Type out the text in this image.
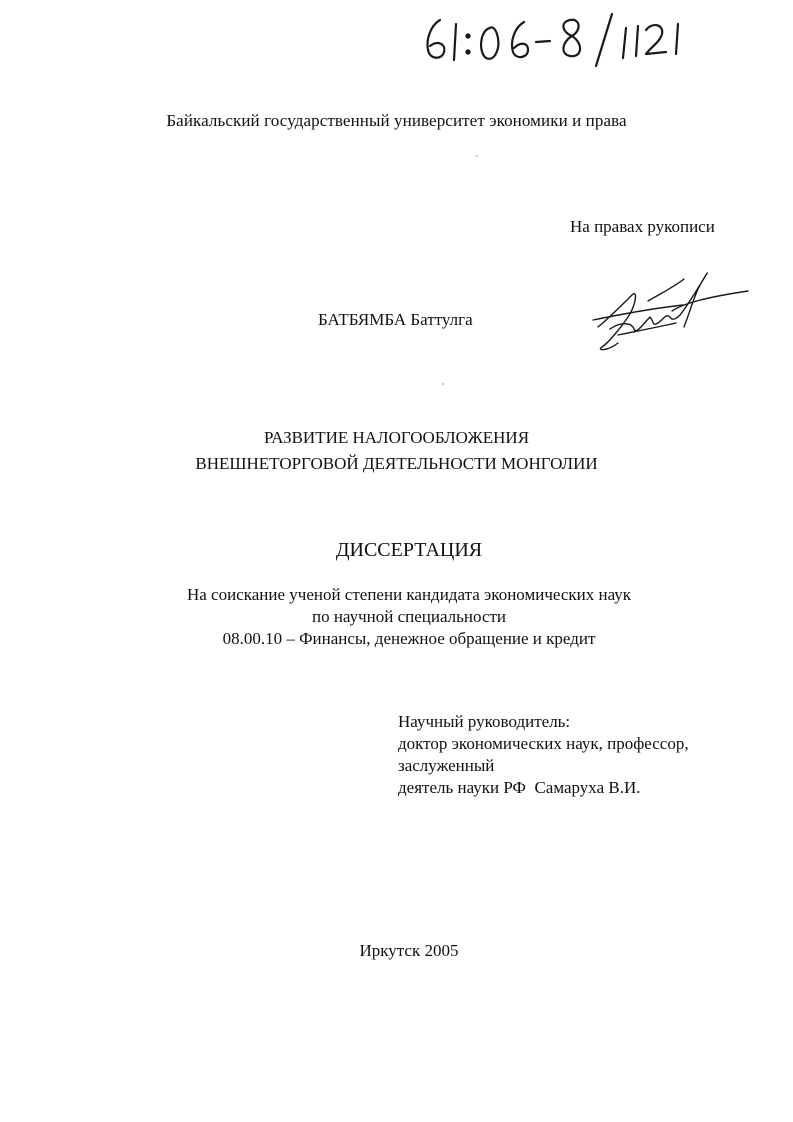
Байкальский государственный университет экономики и права
На правах рукописи
БАТБЯМБА Баттулга
РАЗВИТИЕ НАЛОГООБЛОЖЕНИЯ
ВНЕШНЕТОРГОВОЙ ДЕЯТЕЛЬНОСТИ МОНГОЛИИ
ДИССЕРТАЦИЯ
На соискание ученой степени кандидата экономических наук
по научной специальности
08.00.10 – Финансы, денежное обращение и кредит
Научный руководитель:
доктор экономических наук, профессор,
заслуженный
деятель науки РФ  Самаруха В.И.
Иркутск 2005
